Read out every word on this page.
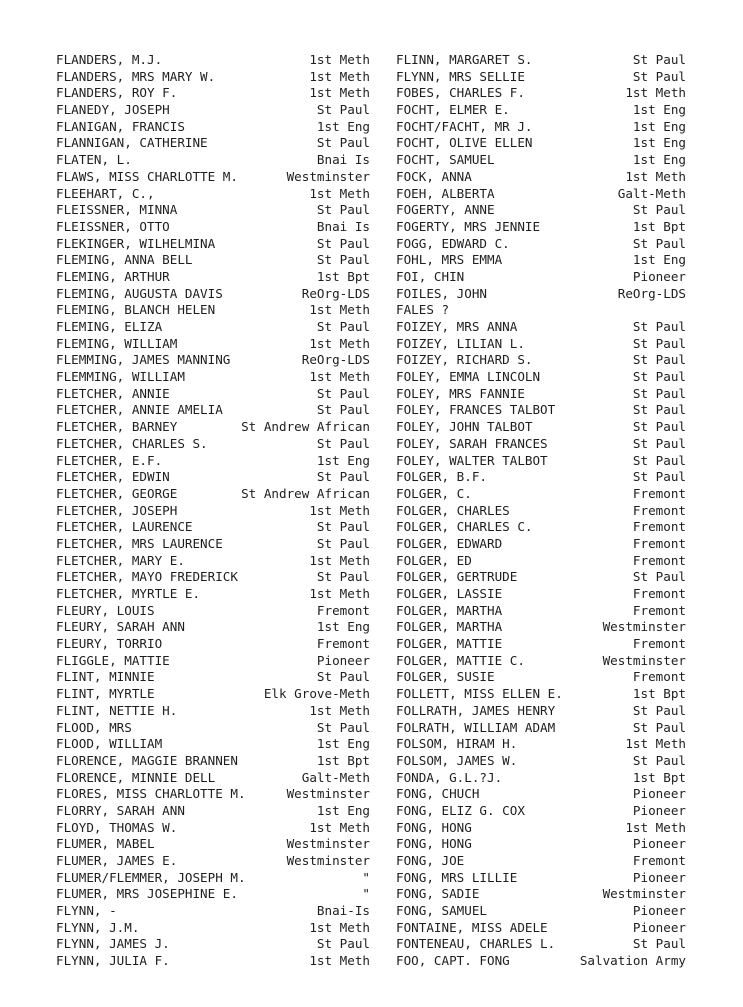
FLANDERS, M.J.	1st Meth
FLANDERS, MRS MARY W.	1st Meth
FLANDERS, ROY F.	1st Meth
FLANEDY, JOSEPH	St Paul
FLANIGAN, FRANCIS	1st Eng
FLANNIGAN, CATHERINE	St Paul
FLATEN, L.	Bnai Is
FLAWS, MISS CHARLOTTE M.	Westminster
FLEEHART, C.,	1st Meth
FLEISSNER, MINNA	St Paul
FLEISSNER, OTTO	Bnai Is
FLEKINGER, WILHELMINA	St Paul
FLEMING, ANNA BELL	St Paul
FLEMING, ARTHUR	1st Bpt
FLEMING, AUGUSTA DAVIS	ReOrg-LDS
FLEMING, BLANCH HELEN	1st Meth
FLEMING, ELIZA	St Paul
FLEMING, WILLIAM	1st Meth
FLEMMING, JAMES MANNING	ReOrg-LDS
FLEMMING, WILLIAM	1st Meth
FLETCHER, ANNIE	St Paul
FLETCHER, ANNIE AMELIA	St Paul
FLETCHER, BARNEY	St Andrew African
FLETCHER, CHARLES S.	St Paul
FLETCHER, E.F.	1st Eng
FLETCHER, EDWIN	St Paul
FLETCHER, GEORGE	St Andrew African
FLETCHER, JOSEPH	1st Meth
FLETCHER, LAURENCE	St Paul
FLETCHER, MRS LAURENCE	St Paul
FLETCHER, MARY E.	1st Meth
FLETCHER, MAYO FREDERICK	St Paul
FLETCHER, MYRTLE E.	1st Meth
FLEURY, LOUIS	Fremont
FLEURY, SARAH ANN	1st Eng
FLEURY, TORRIO	Fremont
FLIGGLE, MATTIE	Pioneer
FLINT, MINNIE	St Paul
FLINT, MYRTLE	Elk Grove-Meth
FLINT, NETTIE H.	1st Meth
FLOOD, MRS	St Paul
FLOOD, WILLIAM	1st Eng
FLORENCE, MAGGIE BRANNEN	1st Bpt
FLORENCE, MINNIE DELL	Galt-Meth
FLORES, MISS CHARLOTTE M.	Westminster
FLORRY, SARAH ANN	1st Eng
FLOYD, THOMAS W.	1st Meth
FLUMER, MABEL	Westminster
FLUMER, JAMES E.	Westminster
FLUMER/FLEMMER, JOSEPH M.	"
FLUMER, MRS JOSEPHINE E.	"
FLYNN, -	Bnai-Is
FLYNN, J.M.	1st Meth
FLYNN, JAMES J.	St Paul
FLYNN, JULIA F.	1st Meth
FLINN, MARGARET S.	St Paul
FLYNN, MRS SELLIE	St Paul
FOBES, CHARLES F.	1st Meth
FOCHT, ELMER E.	1st Eng
FOCHT/FACHT, MR J.	1st Eng
FOCHT, OLIVE ELLEN	1st Eng
FOCHT, SAMUEL	1st Eng
FOCK, ANNA	1st Meth
FOEH, ALBERTA	Galt-Meth
FOGERTY, ANNE	St Paul
FOGERTY, MRS JENNIE	1st Bpt
FOGG, EDWARD C.	St Paul
FOHL, MRS EMMA	1st Eng
FOI, CHIN	Pioneer
FOILES, JOHN	ReOrg-LDS
FALES ?
FOIZEY, MRS ANNA	St Paul
FOIZEY, LILIAN L.	St Paul
FOIZEY, RICHARD S.	St Paul
FOLEY, EMMA LINCOLN	St Paul
FOLEY, MRS FANNIE	St Paul
FOLEY, FRANCES TALBOT	St Paul
FOLEY, JOHN TALBOT	St Paul
FOLEY, SARAH FRANCES	St Paul
FOLEY, WALTER TALBOT	St Paul
FOLGER, B.F.	St Paul
FOLGER, C.	Fremont
FOLGER, CHARLES	Fremont
FOLGER, CHARLES C.	Fremont
FOLGER, EDWARD	Fremont
FOLGER, ED	Fremont
FOLGER, GERTRUDE	St Paul
FOLGER, LASSIE	Fremont
FOLGER, MARTHA	Fremont
FOLGER, MARTHA	Westminster
FOLGER, MATTIE	Fremont
FOLGER, MATTIE C.	Westminster
FOLGER, SUSIE	Fremont
FOLLETT, MISS ELLEN E.	1st Bpt
FOLLRATH, JAMES HENRY	St Paul
FOLRATH, WILLIAM ADAM	St Paul
FOLSOM, HIRAM H.	1st Meth
FOLSOM, JAMES W.	St Paul
FONDA, G.L.?J.	1st Bpt
FONG, CHUCH	Pioneer
FONG, ELIZ G. COX	Pioneer
FONG, HONG	1st Meth
FONG, HONG	Pioneer
FONG, JOE	Fremont
FONG, MRS LILLIE	Pioneer
FONG, SADIE	Westminster
FONG, SAMUEL	Pioneer
FONTAINE, MISS ADELE	Pioneer
FONTENEAU, CHARLES L.	St Paul
FOO, CAPT. FONG	Salvation Army
